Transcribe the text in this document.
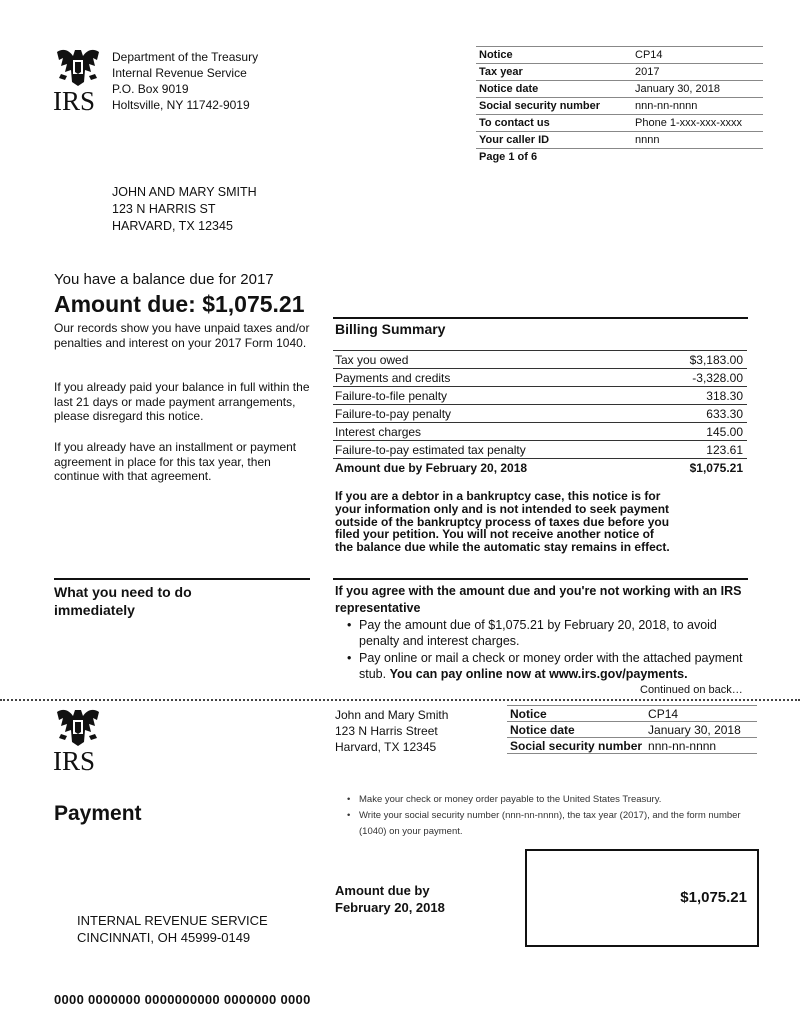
IRS
Department of the Treasury
Internal Revenue Service
P.O. Box 9019
Holtsville, NY 11742-9019
Notice	CP14
Tax year	2017
Notice date	January 30, 2018
Social security number	nnn-nn-nnnn
To contact us	Phone 1-xxx-xxx-xxxx
Your caller ID	nnnn
Page 1 of 6	
JOHN AND MARY SMITH
123 N HARRIS ST
HARVARD, TX 12345
You have a balance due for 2017
Amount due: $1,075.21
Our records show you have unpaid taxes and/or penalties and interest on your 2017 Form 1040.
If you already paid your balance in full within the last 21 days or made payment arrangements, please disregard this notice.
If you already have an installment or payment agreement in place for this tax year, then continue with that agreement.
Billing Summary
Tax you owed	$3,183.00
Payments and credits	-3,328.00
Failure-to-file penalty	318.30
Failure-to-pay penalty	633.30
Interest charges	145.00
Failure-to-pay estimated tax penalty	123.61
Amount due by February 20, 2018	$1,075.21
If you are a debtor in a bankruptcy case, this notice is for your information only and is not intended to seek payment outside of the bankruptcy process of taxes due before you filed your petition. You will not receive another notice of the balance due while the automatic stay remains in effect.
What you need to do immediately
If you agree with the amount due and you're not working with an IRS representative
• Pay the amount due of $1,075.21 by February 20, 2018, to avoid penalty and interest charges.
• Pay online or mail a check or money order with the attached payment stub. You can pay online now at www.irs.gov/payments.
Continued on back…
IRS
John and Mary Smith
123 N Harris Street
Harvard, TX 12345
Notice	CP14
Notice date	January 30, 2018
Social security number	nnn-nn-nnnn
Payment
• Make your check or money order payable to the United States Treasury.
• Write your social security number (nnn-nn-nnnn), the tax year (2017), and the form number (1040) on your payment.
Amount due by February 20, 2018
$1,075.21
INTERNAL REVENUE SERVICE
CINCINNATI, OH 45999-0149
0000 0000000 0000000000 0000000 0000
